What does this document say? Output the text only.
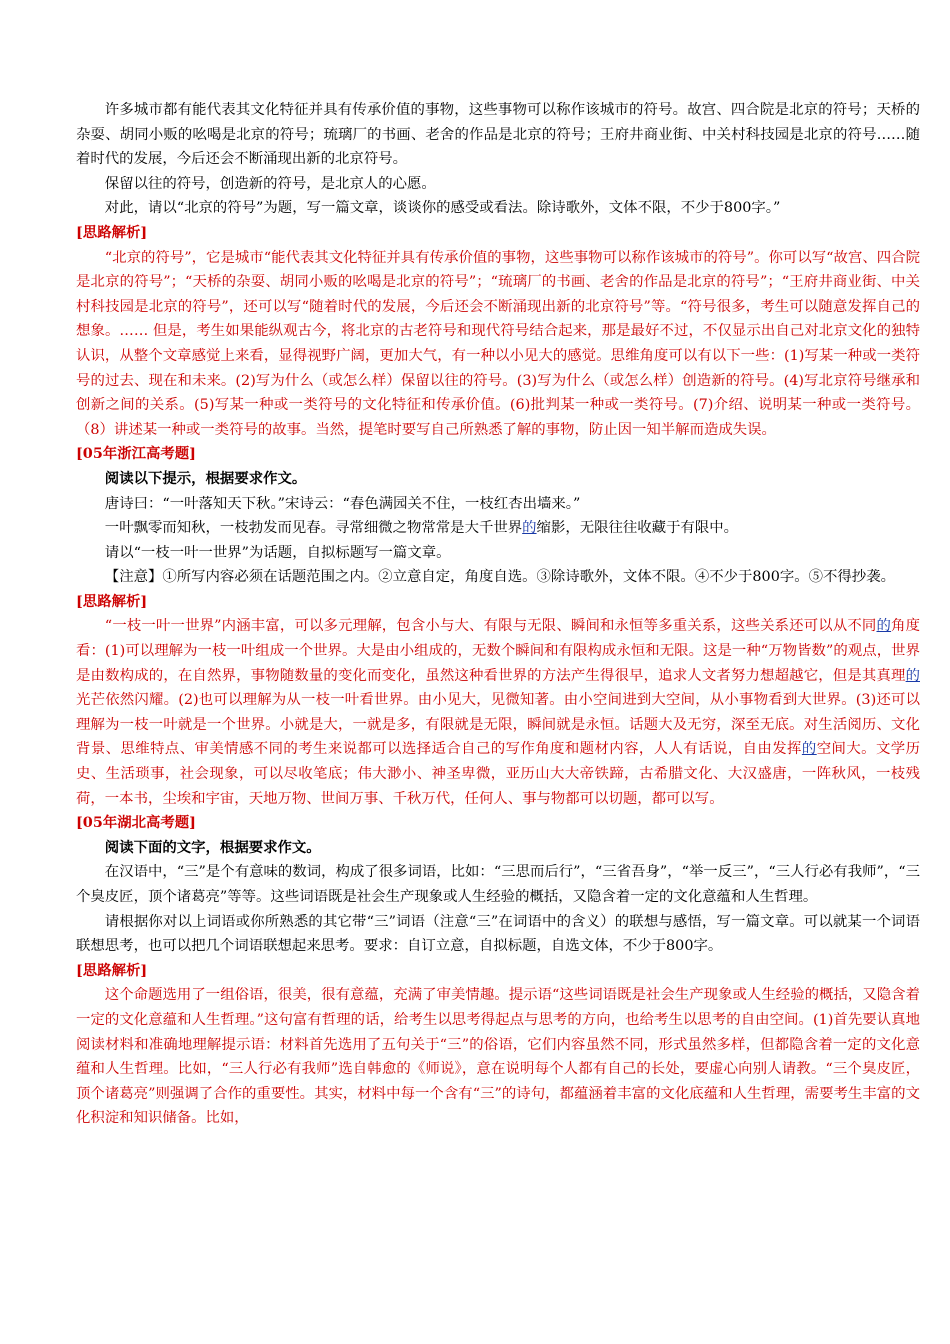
许多城市都有能代表其文化特征并具有传承价值的事物，这些事物可以称作该城市的符号。故宫、四合院是北京的符号；天桥的杂耍、胡同小贩的吆喝是北京的符号；琉璃厂的书画、老舍的作品是北京的符号；王府井商业街、中关村科技园是北京的符号……随着时代的发展，今后还会不断涌现出新的北京符号。

保留以往的符号，创造新的符号，是北京人的心愿。

对此，请以“北京的符号”为题，写一篇文章，谈谈你的感受或看法。除诗歌外，文体不限，不少于800字。”

[思路解析]

“北京的符号”，它是城市“能代表其文化特征并具有传承价值的事物，这些事物可以称作该城市的符号”。你可以写“故宫、四合院是北京的符号”；“天桥的杂耍、胡同小贩的吆喝是北京的符号”；“琉璃厂的书画、老舍的作品是北京的符号”；“王府井商业街、中关村科技园是北京的符号”，还可以写“随着时代的发展，今后还会不断涌现出新的北京符号”等。“符号很多，考生可以随意发挥自己的想象。…… 但是，考生如果能纵观古今，将北京的古老符号和现代符号结合起来，那是最好不过，不仅显示出自己对北京文化的独特认识，从整个文章感觉上来看，显得视野广阔，更加大气，有一种以小见大的感觉。思维角度可以有以下一些：(1)写某一种或一类符号的过去、现在和未来。(2)写为什么（或怎么样）保留以往的符号。(3)写为什么（或怎么样）创造新的符号。(4)写北京符号继承和创新之间的关系。(5)写某一种或一类符号的文化特征和传承价值。(6)批判某一种或一类符号。(7)介绍、说明某一种或一类符号。（8）讲述某一种或一类符号的故事。当然，提笔时要写自己所熟悉了解的事物，防止因一知半解而造成失误。

[05年浙江高考题]

阅读以下提示，根据要求作文。

唐诗曰：“一叶落知天下秋。”宋诗云：“春色满园关不住，一枝红杏出墙来。”

一叶飘零而知秋，一枝勃发而见春。寻常细微之物常常是大千世界的缩影，无限往往收藏于有限中。

请以“一枝一叶一世界”为话题，自拟标题写一篇文章。

【注意】①所写内容必须在话题范围之内。②立意自定，角度自选。③除诗歌外，文体不限。④不少于800字。⑤不得抄袭。

[思路解析]

“一枝一叶一世界”内涵丰富，可以多元理解，包含小与大、有限与无限、瞬间和永恒等多重关系，这些关系还可以从不同的角度看：(1)可以理解为一枝一叶组成一个世界。大是由小组成的，无数个瞬间和有限构成永恒和无限。这是一种“万物皆数”的观点，世界是由数构成的，在自然界，事物随数量的变化而变化，虽然这种看世界的方法产生得很早，追求人文者努力想超越它，但是其真理的光芒依然闪耀。(2)也可以理解为从一枝一叶看世界。由小见大，见微知著。由小空间进到大空间，从小事物看到大世界。(3)还可以理解为一枝一叶就是一个世界。小就是大，一就是多，有限就是无限，瞬间就是永恒。话题大及无穷，深至无底。对生活阅历、文化背景、思维特点、审美情感不同的考生来说都可以选择适合自己的写作角度和题材内容，人人有话说，自由发挥的空间大。文学历史、生活琐事，社会现象，可以尽收笔底；伟大渺小、神圣卑微，亚历山大大帝铁蹄，古希腊文化、大汉盛唐，一阵秋风，一枝残荷，一本书，尘埃和宇宙，天地万物、世间万事、千秋万代，任何人、事与物都可以切题，都可以写。

[05年湖北高考题]

阅读下面的文字，根据要求作文。

在汉语中，“三”是个有意味的数词，构成了很多词语，比如：“三思而后行”，“三省吾身”，“举一反三”，“三人行必有我师”，“三个臭皮匠，顶个诸葛亮”等等。这些词语既是社会生产现象或人生经验的概括，又隐含着一定的文化意蕴和人生哲理。

请根据你对以上词语或你所熟悉的其它带“三”词语（注意“三”在词语中的含义）的联想与感悟，写一篇文章。可以就某一个词语联想思考，也可以把几个词语联想起来思考。要求：自订立意，自拟标题，自选文体，不少于800字。

[思路解析]

这个命题选用了一组俗语，很美，很有意蕴，充满了审美情趣。提示语“这些词语既是社会生产现象或人生经验的概括，又隐含着一定的文化意蕴和人生哲理。”这句富有哲理的话，给考生以思考得起点与思考的方向，也给考生以思考的自由空间。(1)首先要认真地阅读材料和准确地理解提示语：材料首先选用了五句关于“三”的俗语，它们内容虽然不同，形式虽然多样，但都隐含着一定的文化意蕴和人生哲理。比如，“三人行必有我师”选自韩愈的《师说》，意在说明每个人都有自己的长处，要虚心向别人请教。“三个臭皮匠，顶个诸葛亮”则强调了合作的重要性。其实，材料中每一个含有“三”的诗句，都蕴涵着丰富的文化底蕴和人生哲理，需要考生丰富的文化积淀和知识储备。比如，
